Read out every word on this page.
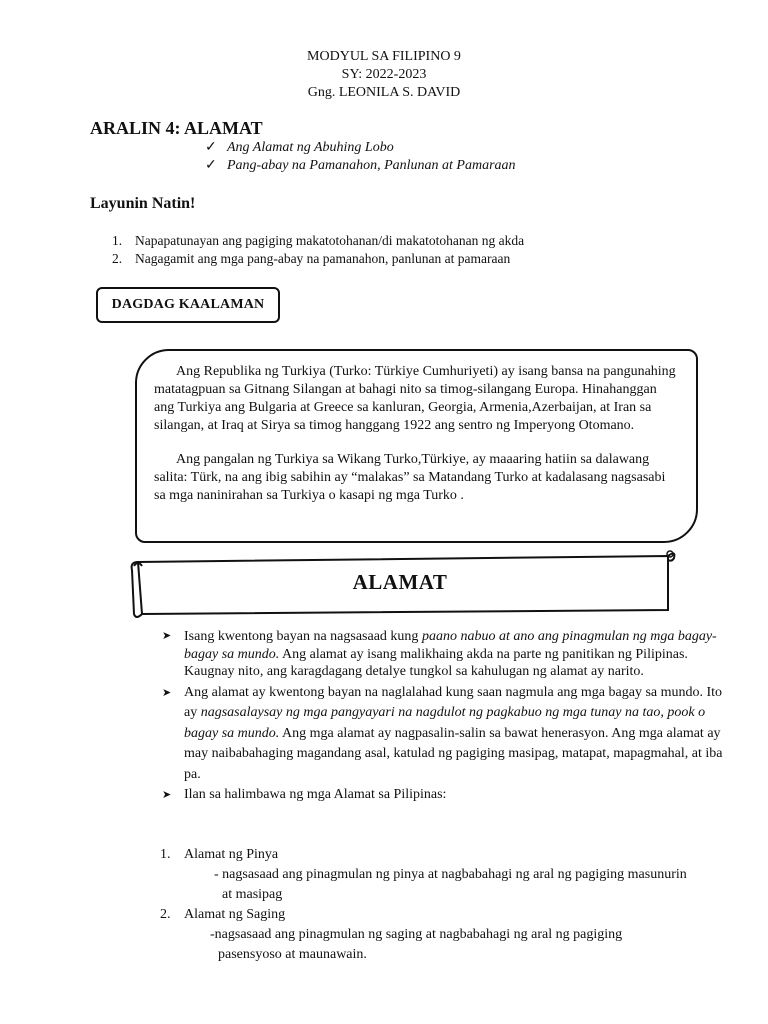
MODYUL SA FILIPINO 9
SY: 2022-2023
Gng. LEONILA S. DAVID
ARALIN 4: ALAMAT
✓ Ang Alamat ng Abuhing Lobo
✓ Pang-abay na Pamanahon, Panlunan at Pamaraan
Layunin Natin!
1. Napapatunayan ang pagiging makatotohanan/di makatotohanan ng akda
2. Nagagamit ang mga pang-abay na pamanahon, panlunan at pamaraan
DAGDAG KAALAMAN

Ang Republika ng Turkiya (Turko: Türkiye Cumhuriyeti) ay isang bansa na pangunahing matatagpuan sa Gitnang Silangan at bahagi nito sa timog-silangang Europa. Hinahanggan ang Turkiya ang Bulgaria at Greece sa kanluran, Georgia, Armenia,Azerbaijan, at Iran sa silangan, at Iraq at Sirya sa timog hanggang 1922 ang sentro ng Imperyong Otomano.

Ang pangalan ng Turkiya sa Wikang Turko,Türkiye, ay maaaring hatiin sa dalawang salita: Türk, na ang ibig sabihin ay “malakas” sa Matandang Turko at kadalasang nagsasabi sa mga naninirahan sa Turkiya o kasapi ng mga Turko .

ALAMAT
➤ Isang kwentong bayan na nagsasaad kung paano nabuo at ano ang pinagmulan ng mga bagay-bagay sa mundo. Ang alamat ay isang malikhaing akda na parte ng panitikan ng Pilipinas. Kaugnay nito, ang karagdagang detalye tungkol sa kahulugan ng alamat ay narito.
➤ Ang alamat ay kwentong bayan na naglalahad kung saan nagmula ang mga bagay sa mundo. Ito ay nagsasalaysay ng mga pangyayari na nagdulot ng pagkabuo ng mga tunay na tao, pook o bagay sa mundo. Ang mga alamat ay nagpasalin-salin sa bawat henerasyon. Ang mga alamat ay may naibabahaging magandang asal, katulad ng pagiging masipag, matapat, mapagmahal, at iba pa.
➤ Ilan sa halimbawa ng mga Alamat sa Pilipinas:
1. Alamat ng Pinya
- nagsasaad ang pinagmulan ng pinya at nagbabahagi ng aral ng pagiging masunurin
at masipag
2. Alamat ng Saging
-nagsasaad ang pinagmulan ng saging at nagbabahagi ng aral ng pagiging
pasensyoso at maunawain.
